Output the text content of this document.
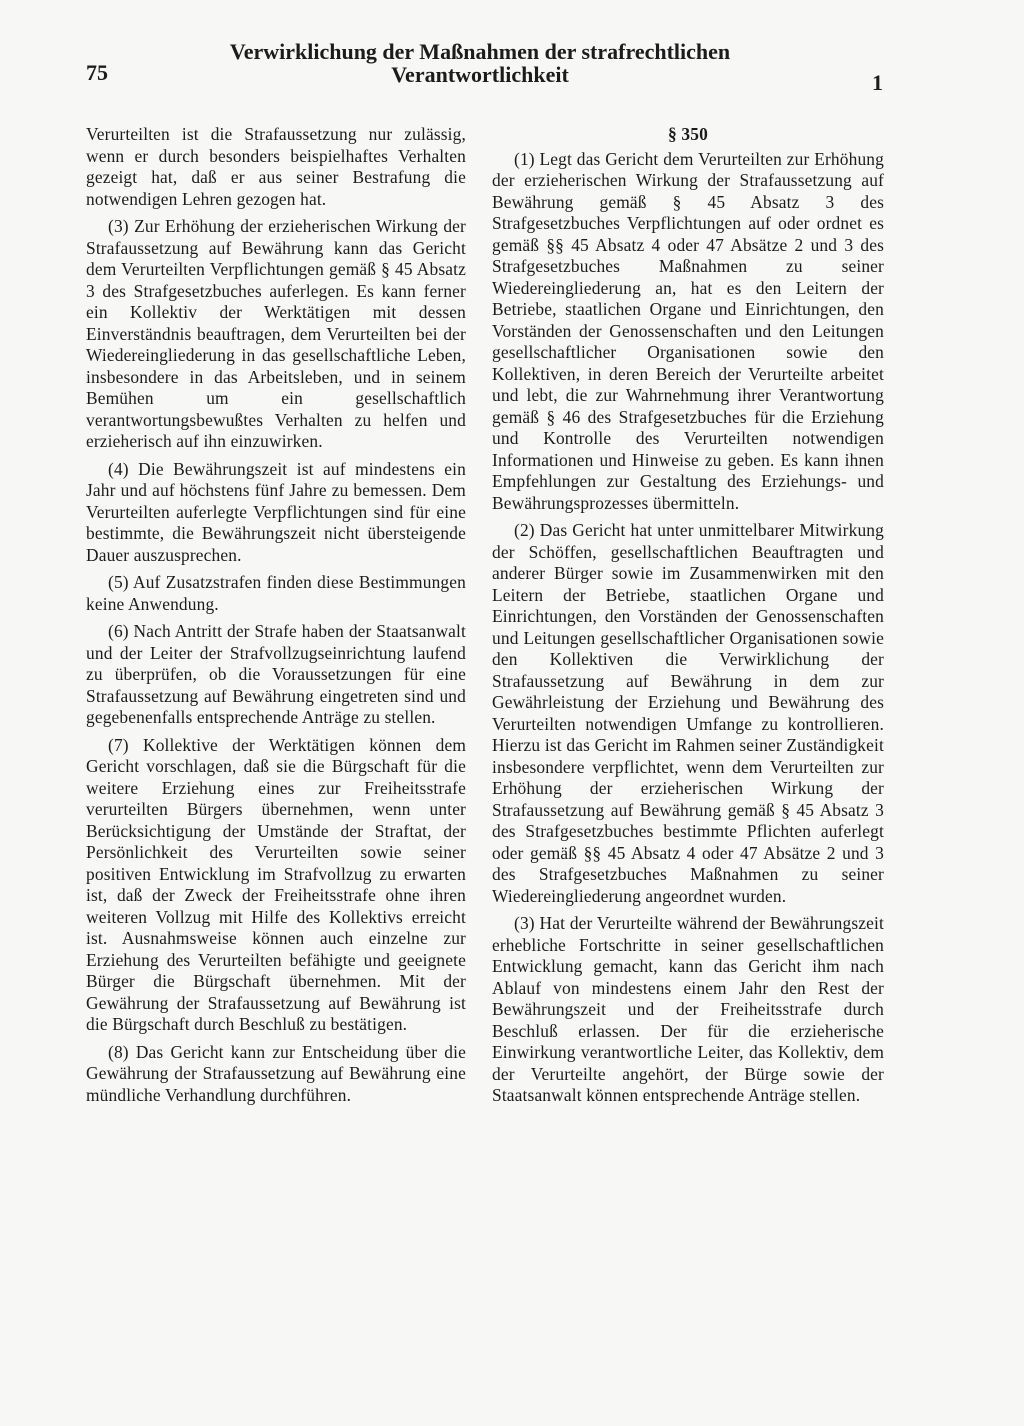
75
Verwirklichung der Maßnahmen der strafrechtlichen Verantwortlichkeit	1

Verurteilten ist die Strafaussetzung nur zulässig, wenn er durch besonders beispielhaftes Verhalten gezeigt hat, daß er aus seiner Bestrafung die notwendigen Lehren gezogen hat.

(3) Zur Erhöhung der erzieherischen Wirkung der Strafaussetzung auf Bewährung kann das Gericht dem Verurteilten Verpflichtungen gemäß § 45 Absatz 3 des Strafgesetzbuches auferlegen. Es kann ferner ein Kollektiv der Werktätigen mit dessen Einverständnis beauftragen, dem Verurteilten bei der Wiedereingliederung in das gesellschaftliche Leben, insbesondere in das Arbeitsleben, und in seinem Bemühen um ein gesellschaftlich verantwortungsbewußtes Verhalten zu helfen und erzieherisch auf ihn einzuwirken.

(4) Die Bewährungszeit ist auf mindestens ein Jahr und auf höchstens fünf Jahre zu bemessen. Dem Verurteilten auferlegte Verpflichtungen sind für eine bestimmte, die Bewährungszeit nicht übersteigende Dauer auszusprechen.

(5) Auf Zusatzstrafen finden diese Bestimmungen keine Anwendung.

(6) Nach Antritt der Strafe haben der Staatsanwalt und der Leiter der Strafvollzugseinrichtung laufend zu überprüfen, ob die Voraussetzungen für eine Strafaussetzung auf Bewährung eingetreten sind und gegebenenfalls entsprechende Anträge zu stellen.

(7) Kollektive der Werktätigen können dem Gericht vorschlagen, daß sie die Bürgschaft für die weitere Erziehung eines zur Freiheitsstrafe verurteilten Bürgers übernehmen, wenn unter Berücksichtigung der Umstände der Straftat, der Persönlichkeit des Verurteilten sowie seiner positiven Entwicklung im Strafvollzug zu erwarten ist, daß der Zweck der Freiheitsstrafe ohne ihren weiteren Vollzug mit Hilfe des Kollektivs erreicht ist. Ausnahmsweise können auch einzelne zur Erziehung des Verurteilten befähigte und geeignete Bürger die Bürgschaft übernehmen. Mit der Gewährung der Strafaussetzung auf Bewährung ist die Bürgschaft durch Beschluß zu bestätigen.

(8) Das Gericht kann zur Entscheidung über die Gewährung der Strafaussetzung auf Bewährung eine mündliche Verhandlung durchführen.

§ 350

(1) Legt das Gericht dem Verurteilten zur Erhöhung der erzieherischen Wirkung der Strafaussetzung auf Bewährung gemäß § 45 Absatz 3 des Strafgesetzbuches Verpflichtungen auf oder ordnet es gemäß §§ 45 Absatz 4 oder 47 Absätze 2 und 3 des Strafgesetzbuches Maßnahmen zu seiner Wiedereingliederung an, hat es den Leitern der Betriebe, staatlichen Organe und Einrichtungen, den Vorständen der Genossenschaften und den Leitungen gesellschaftlicher Organisationen sowie den Kollektiven, in deren Bereich der Verurteilte arbeitet und lebt, die zur Wahrnehmung ihrer Verantwortung gemäß § 46 des Strafgesetzbuches für die Erziehung und Kontrolle des Verurteilten notwendigen Informationen und Hinweise zu geben. Es kann ihnen Empfehlungen zur Gestaltung des Erziehungs- und Bewährungsprozesses übermitteln.

(2) Das Gericht hat unter unmittelbarer Mitwirkung der Schöffen, gesellschaftlichen Beauftragten und anderer Bürger sowie im Zusammenwirken mit den Leitern der Betriebe, staatlichen Organe und Einrichtungen, den Vorständen der Genossenschaften und Leitungen gesellschaftlicher Organisationen sowie den Kollektiven die Verwirklichung der Strafaussetzung auf Bewährung in dem zur Gewährleistung der Erziehung und Bewährung des Verurteilten notwendigen Umfange zu kontrollieren. Hierzu ist das Gericht im Rahmen seiner Zuständigkeit insbesondere verpflichtet, wenn dem Verurteilten zur Erhöhung der erzieherischen Wirkung der Strafaussetzung auf Bewährung gemäß § 45 Absatz 3 des Strafgesetzbuches bestimmte Pflichten auferlegt oder gemäß §§ 45 Absatz 4 oder 47 Absätze 2 und 3 des Strafgesetzbuches Maßnahmen zu seiner Wiedereingliederung angeordnet wurden.

(3) Hat der Verurteilte während der Bewährungszeit erhebliche Fortschritte in seiner gesellschaftlichen Entwicklung gemacht, kann das Gericht ihm nach Ablauf von mindestens einem Jahr den Rest der Bewährungszeit und der Freiheitsstrafe durch Beschluß erlassen. Der für die erzieherische Einwirkung verantwortliche Leiter, das Kollektiv, dem der Verurteilte angehört, der Bürge sowie der Staatsanwalt können entsprechende Anträge stellen.
